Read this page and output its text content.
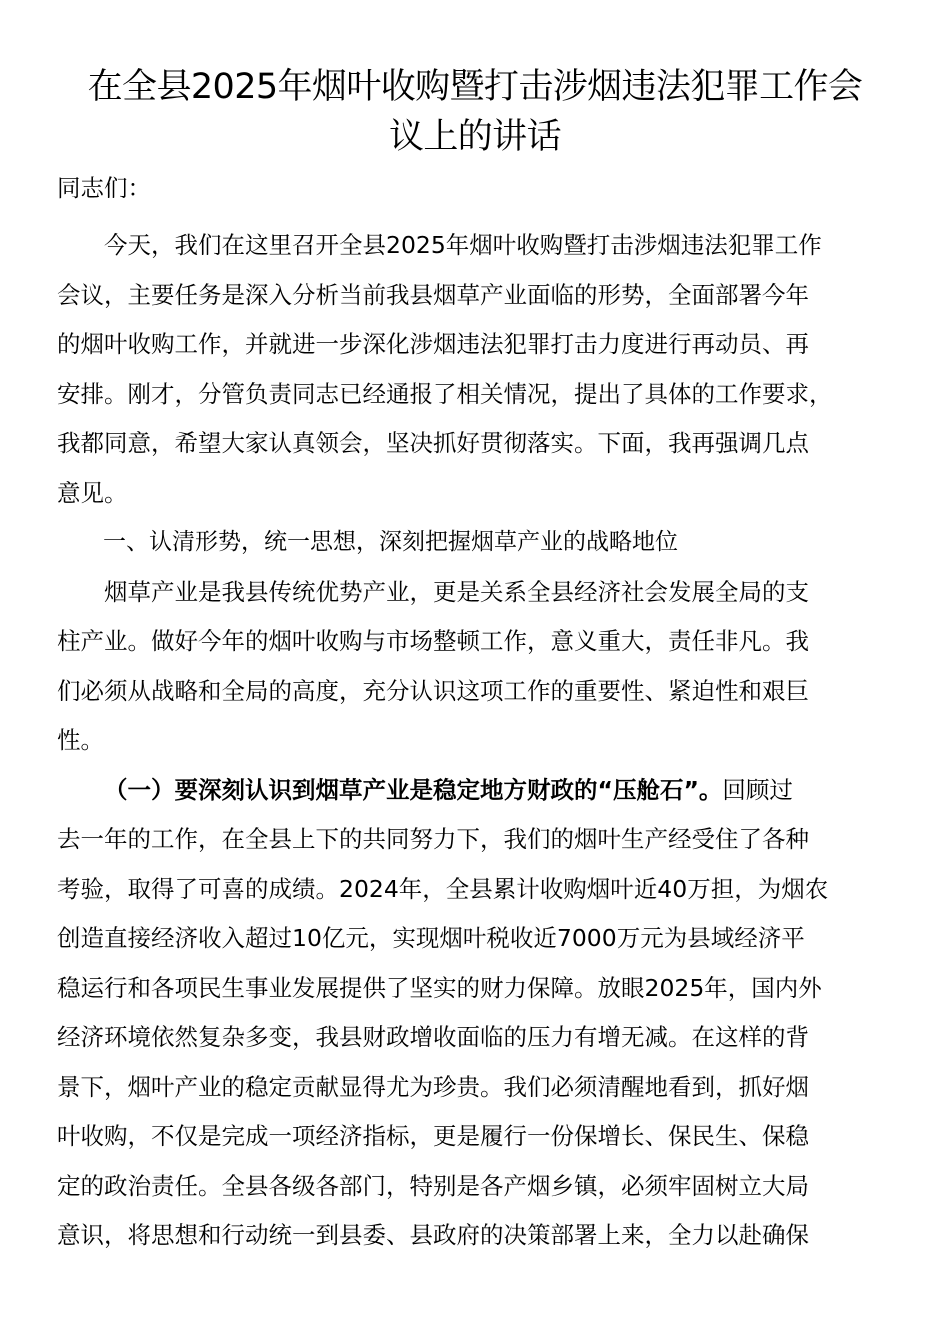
在全县2025年烟叶收购暨打击涉烟违法犯罪工作会
议上的讲话

同志们：

今天，我们在这里召开全县2025年烟叶收购暨打击涉烟违法犯罪工作
会议，主要任务是深入分析当前我县烟草产业面临的形势，全面部署今年
的烟叶收购工作，并就进一步深化涉烟违法犯罪打击力度进行再动员、再
安排。刚才，分管负责同志已经通报了相关情况，提出了具体的工作要求，
我都同意，希望大家认真领会，坚决抓好贯彻落实。下面，我再强调几点
意见。

一、认清形势，统一思想，深刻把握烟草产业的战略地位

烟草产业是我县传统优势产业，更是关系全县经济社会发展全局的支
柱产业。做好今年的烟叶收购与市场整顿工作，意义重大，责任非凡。我
们必须从战略和全局的高度，充分认识这项工作的重要性、紧迫性和艰巨
性。

（一）要深刻认识到烟草产业是稳定地方财政的“压舱石”。回顾过
去一年的工作，在全县上下的共同努力下，我们的烟叶生产经受住了各种
考验，取得了可喜的成绩。2024年，全县累计收购烟叶近40万担，为烟农
创造直接经济收入超过10亿元，实现烟叶税收近7000万元为县域经济平
稳运行和各项民生事业发展提供了坚实的财力保障。放眼2025年，国内外
经济环境依然复杂多变，我县财政增收面临的压力有增无减。在这样的背
景下，烟叶产业的稳定贡献显得尤为珍贵。我们必须清醒地看到，抓好烟
叶收购，不仅是完成一项经济指标，更是履行一份保增长、保民生、保稳
定的政治责任。全县各级各部门，特别是各产烟乡镇，必须牢固树立大局
意识，将思想和行动统一到县委、县政府的决策部署上来，全力以赴确保
